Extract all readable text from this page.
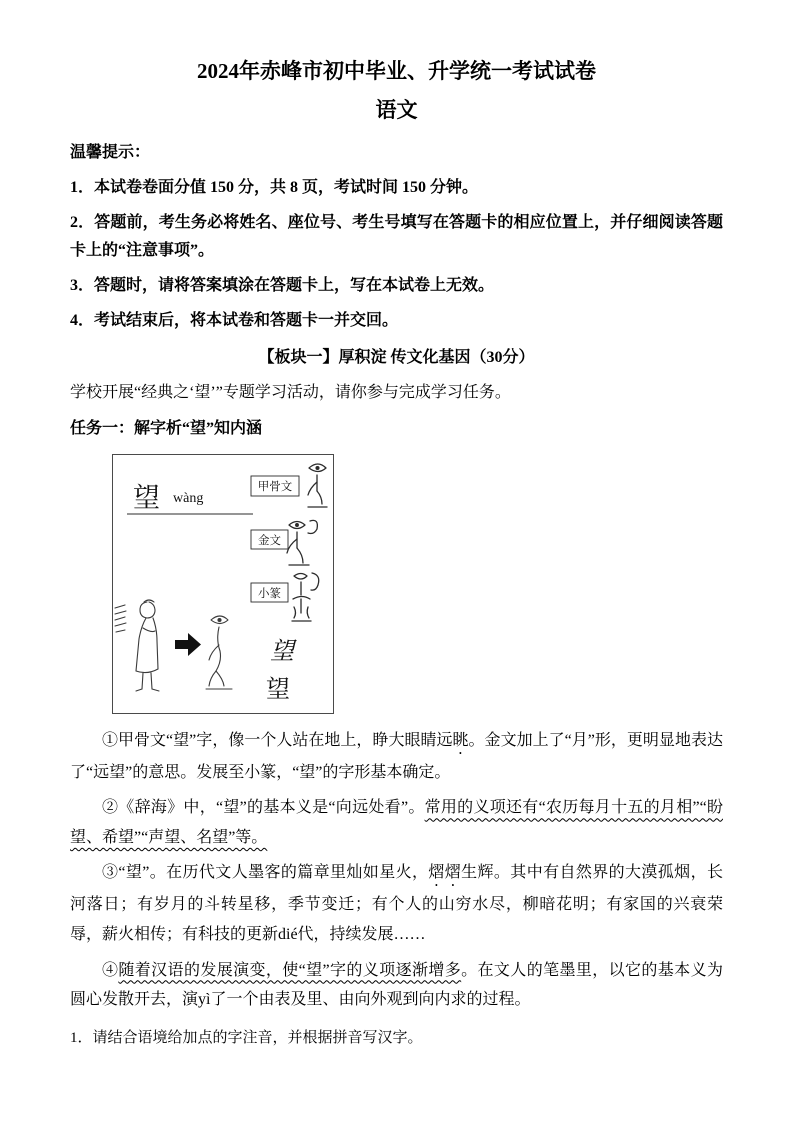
2024年赤峰市初中毕业、升学统一考试试卷
语文

温馨提示：

1．本试卷卷面分值 150 分，共 8 页，考试时间 150 分钟。

2．答题前，考生务必将姓名、座位号、考生号填写在答题卡的相应位置上，并仔细阅读答题卡上的“注意事项”。

3．答题时，请将答案填涂在答题卡上，写在本试卷上无效。

4．考试结束后，将本试卷和答题卡一并交回。

【板块一】厚积淀 传文化基因（30分）

学校开展“经典之‘望’”专题学习活动，请你参与完成学习任务。

任务一：解字析“望”知内涵

望 wàng
甲骨文
金文
小篆
望
望

①甲骨文“望”字，像一个人站在地上，睁大眼睛远眺。金文加上了“月”形，更明显地表达了“远望”的意思。发展至小篆，“望”的字形基本确定。

②《辞海》中，“望”的基本义是“向远处看”。常用的义项还有“农历每月十五的月相”“盼望、希望”“声望、名望”等。

③“望”。在历代文人墨客的篇章里灿如星火，熠熠生辉。其中有自然界的大漠孤烟，长河落日；有岁月的斗转星移，季节变迁；有个人的山穷水尽，柳暗花明；有家国的兴衰荣辱，薪火相传；有科技的更新dié代，持续发展……

④随着汉语的发展演变，使“望”字的义项逐渐增多。在文人的笔墨里，以它的基本义为圆心发散开去，演yì了一个由表及里、由向外观到向内求的过程。

1．请结合语境给加点的字注音，并根据拼音写汉字。
